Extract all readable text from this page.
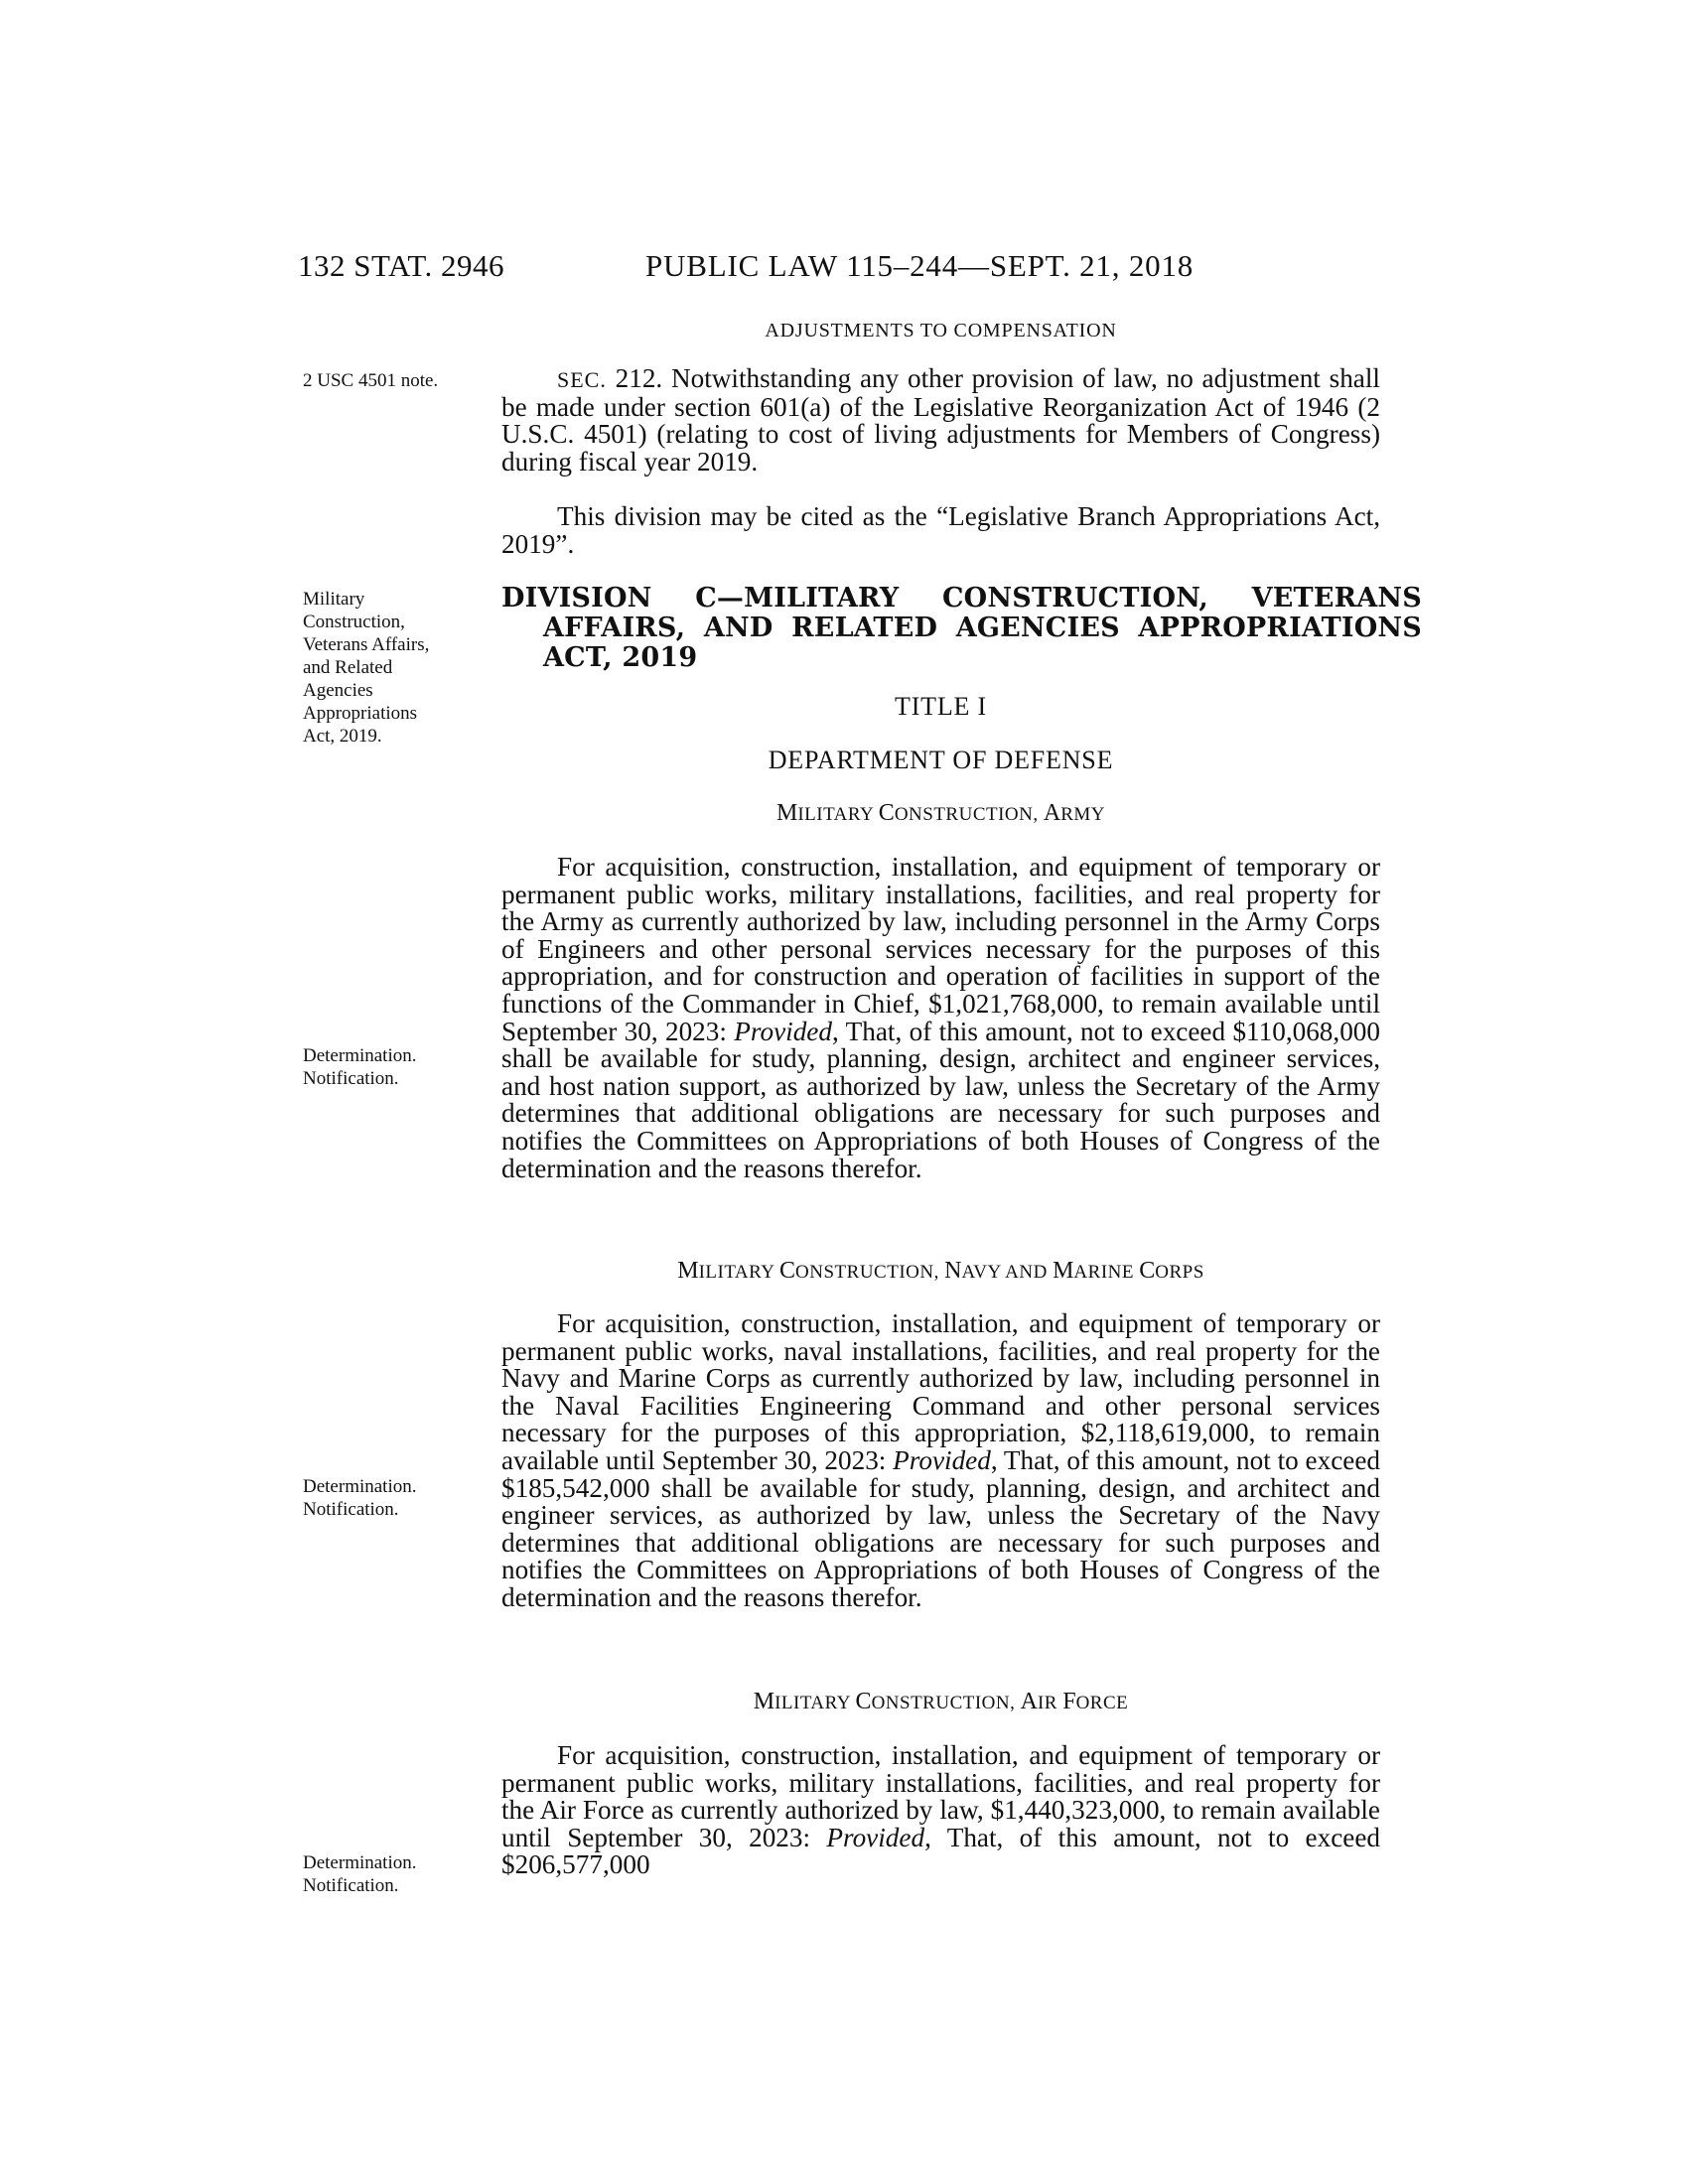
132 STAT. 2946	PUBLIC LAW 115–244—SEPT. 21, 2018
ADJUSTMENTS TO COMPENSATION
2 USC 4501 note.	SEC. 212. Notwithstanding any other provision of law, no adjustment shall be made under section 601(a) of the Legislative Reorganization Act of 1946 (2 U.S.C. 4501) (relating to cost of living adjustments for Members of Congress) during fiscal year 2019.

This division may be cited as the “Legislative Branch Appropriations Act, 2019”.

Military Construction, Veterans Affairs, and Related Agencies Appropriations Act, 2019.
DIVISION C—MILITARY CONSTRUCTION, VETERANS AFFAIRS, AND RELATED AGENCIES APPROPRIATIONS ACT, 2019
TITLE I
DEPARTMENT OF DEFENSE
MILITARY CONSTRUCTION, ARMY

For acquisition, construction, installation, and equipment of temporary or permanent public works, military installations, facilities, and real property for the Army as currently authorized by law, including personnel in the Army Corps of Engineers and other personal services necessary for the purposes of this appropriation, and for construction and operation of facilities in support of the functions of the Commander in Chief, $1,021,768,000, to remain available until September 30, 2023: Provided, That, of this amount, not to exceed $110,068,000 shall be available for study, planning, design, architect and engineer services, and host nation support, as authorized by law, unless the Secretary of the Army determines that additional obligations are necessary for such purposes and notifies the Committees on Appropriations of both Houses of Congress of the determination and the reasons therefor.

Determination. Notification.
MILITARY CONSTRUCTION, NAVY AND MARINE CORPS

For acquisition, construction, installation, and equipment of temporary or permanent public works, naval installations, facilities, and real property for the Navy and Marine Corps as currently authorized by law, including personnel in the Naval Facilities Engineering Command and other personal services necessary for the purposes of this appropriation, $2,118,619,000, to remain available until September 30, 2023: Provided, That, of this amount, not to exceed $185,542,000 shall be available for study, planning, design, and architect and engineer services, as authorized by law, unless the Secretary of the Navy determines that additional obligations are necessary for such purposes and notifies the Committees on Appropriations of both Houses of Congress of the determination and the reasons therefor.

Determination. Notification.
MILITARY CONSTRUCTION, AIR FORCE

For acquisition, construction, installation, and equipment of temporary or permanent public works, military installations, facilities, and real property for the Air Force as currently authorized by law, $1,440,323,000, to remain available until September 30, 2023: Provided, That, of this amount, not to exceed $206,577,000

Determination. Notification.
